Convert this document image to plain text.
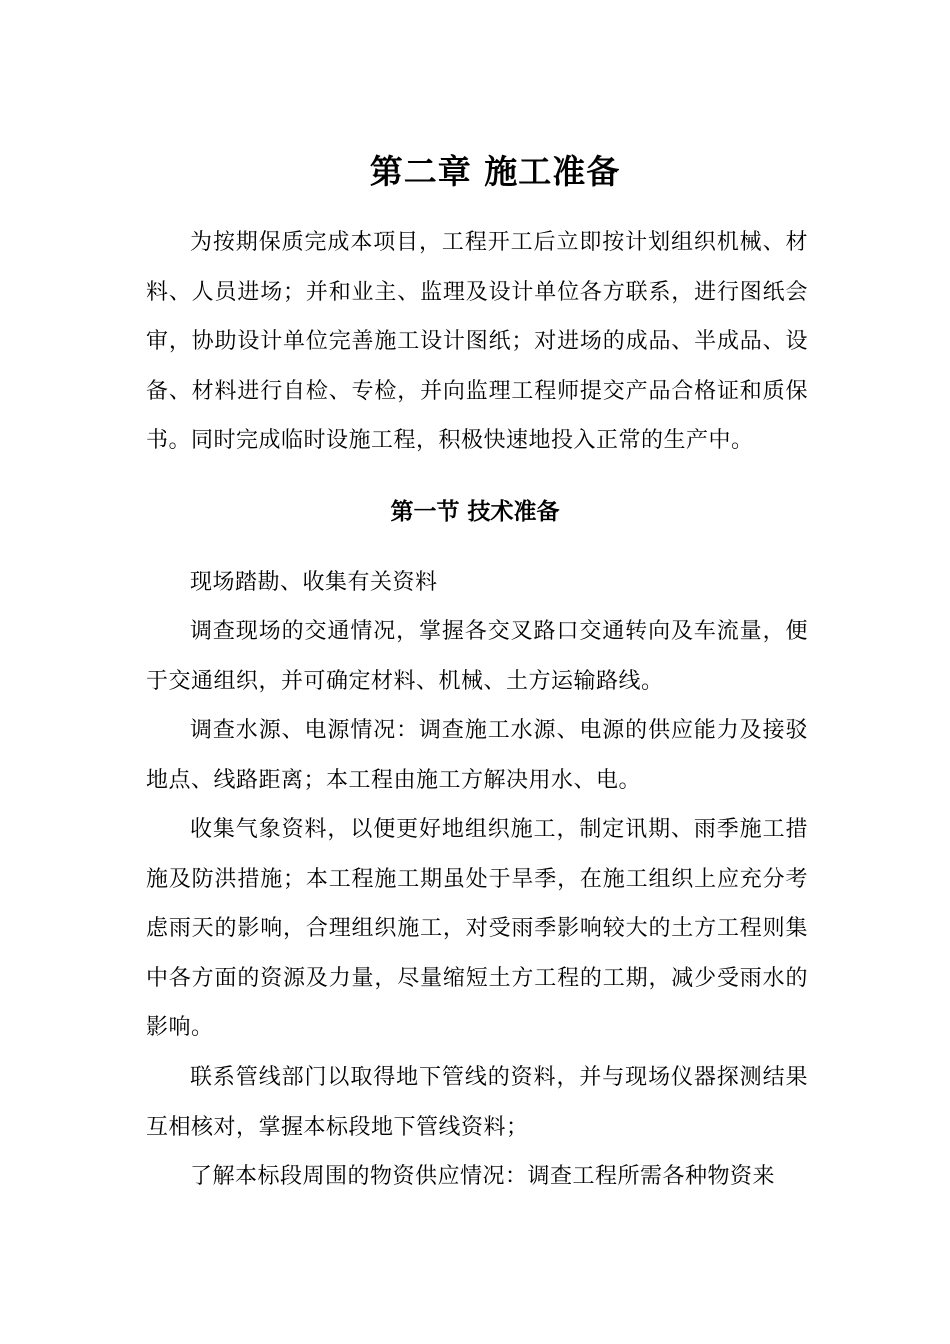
第二章 施工准备

为按期保质完成本项目，工程开工后立即按计划组织机械、材料、人员进场；并和业主、监理及设计单位各方联系，进行图纸会审，协助设计单位完善施工设计图纸；对进场的成品、半成品、设备、材料进行自检、专检，并向监理工程师提交产品合格证和质保书。同时完成临时设施工程，积极快速地投入正常的生产中。

第一节 技术准备

现场踏勘、收集有关资料

调查现场的交通情况，掌握各交叉路口交通转向及车流量，便于交通组织，并可确定材料、机械、土方运输路线。

调查水源、电源情况：调查施工水源、电源的供应能力及接驳地点、线路距离；本工程由施工方解决用水、电。

收集气象资料，以便更好地组织施工，制定讯期、雨季施工措施及防洪措施；本工程施工期虽处于旱季，在施工组织上应充分考虑雨天的影响，合理组织施工，对受雨季影响较大的土方工程则集中各方面的资源及力量，尽量缩短土方工程的工期，减少受雨水的影响。

联系管线部门以取得地下管线的资料，并与现场仪器探测结果互相核对，掌握本标段地下管线资料；

了解本标段周围的物资供应情况：调查工程所需各种物资来
